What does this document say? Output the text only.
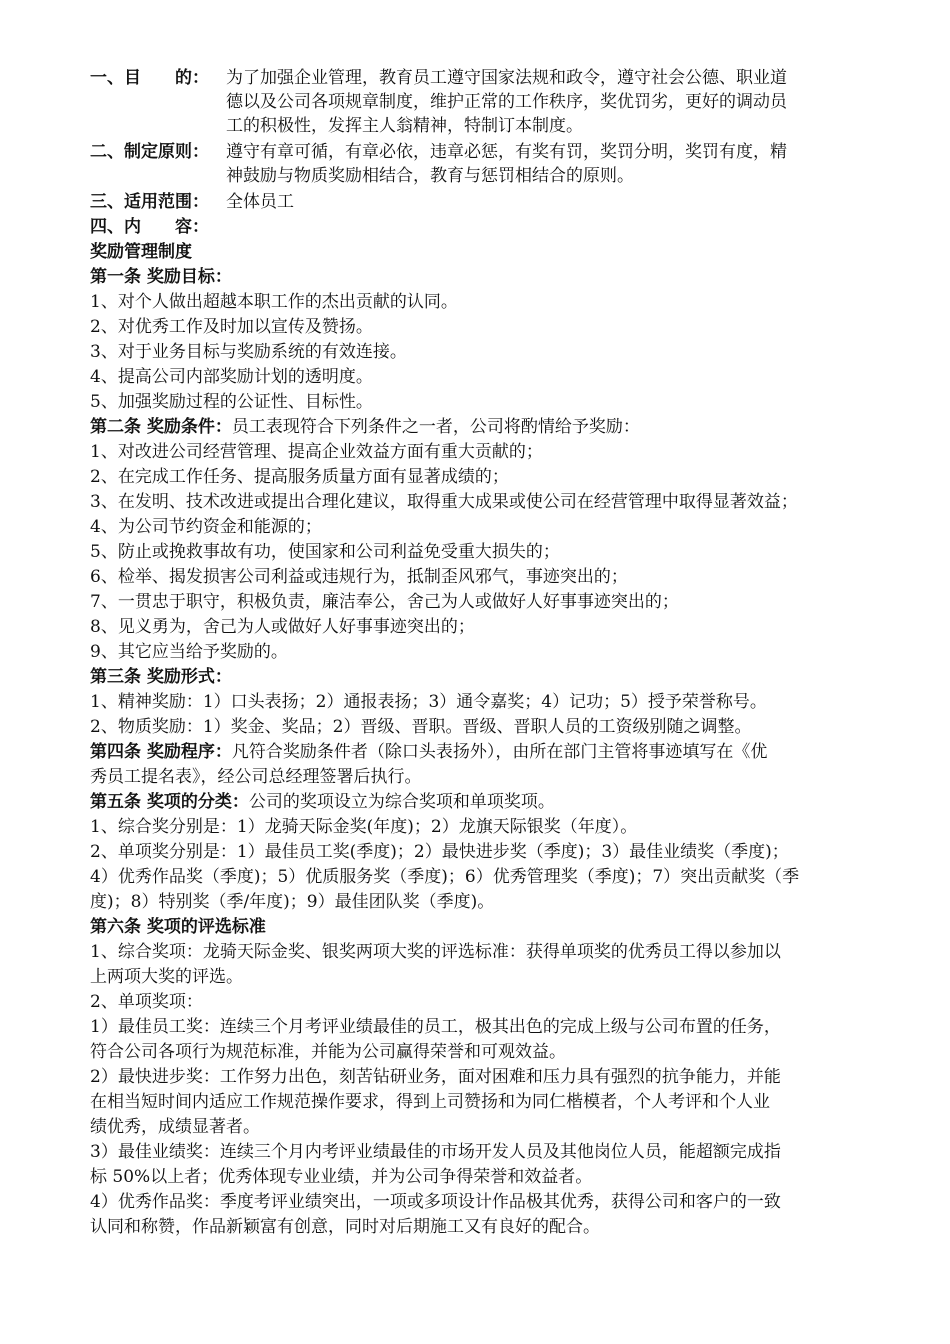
一、目　　的： 为了加强企业管理，教育员工遵守国家法规和政令，遵守社会公德、职业道
德以及公司各项规章制度，维护正常的工作秩序，奖优罚劣，更好的调动员
工的积极性，发挥主人翁精神，特制订本制度。
二、制定原则： 遵守有章可循，有章必依，违章必惩，有奖有罚，奖罚分明，奖罚有度，精
神鼓励与物质奖励相结合，教育与惩罚相结合的原则。
三、适用范围： 全体员工
四、内　　容：
奖励管理制度
第一条 奖励目标：
1、对个人做出超越本职工作的杰出贡献的认同。
2、对优秀工作及时加以宣传及赞扬。
3、对于业务目标与奖励系统的有效连接。
4、提高公司内部奖励计划的透明度。
5、加强奖励过程的公证性、目标性。
第二条 奖励条件：员工表现符合下列条件之一者，公司将酌情给予奖励：
1、对改进公司经营管理、提高企业效益方面有重大贡献的；
2、在完成工作任务、提高服务质量方面有显著成绩的；
3、在发明、技术改进或提出合理化建议，取得重大成果或使公司在经营管理中取得显著效益；
4、为公司节约资金和能源的；
5、防止或挽救事故有功，使国家和公司利益免受重大损失的；
6、检举、揭发损害公司利益或违规行为，抵制歪风邪气，事迹突出的；
7、一贯忠于职守，积极负责，廉洁奉公，舍己为人或做好人好事事迹突出的；
8、见义勇为，舍己为人或做好人好事事迹突出的；
9、其它应当给予奖励的。
第三条 奖励形式：
1、精神奖励：1）口头表扬；2）通报表扬；3）通令嘉奖；4）记功；5）授予荣誉称号。
2、物质奖励：1）奖金、奖品；2）晋级、晋职。晋级、晋职人员的工资级别随之调整。
第四条 奖励程序：凡符合奖励条件者（除口头表扬外），由所在部门主管将事迹填写在《优
秀员工提名表》，经公司总经理签署后执行。
第五条 奖项的分类：公司的奖项设立为综合奖项和单项奖项。
1、综合奖分别是：1）龙骑天际金奖(年度)；2）龙旗天际银奖（年度）。
2、单项奖分别是：1）最佳员工奖(季度)；2）最快进步奖（季度)；3）最佳业绩奖（季度)；
4）优秀作品奖（季度)；5）优质服务奖（季度)；6）优秀管理奖（季度)；7）突出贡献奖（季
度)；8）特别奖（季/年度)；9）最佳团队奖（季度)。
第六条 奖项的评选标准
1、综合奖项：龙骑天际金奖、银奖两项大奖的评选标准：获得单项奖的优秀员工得以参加以
上两项大奖的评选。
2、单项奖项：
1）最佳员工奖：连续三个月考评业绩最佳的员工，极其出色的完成上级与公司布置的任务，
符合公司各项行为规范标准，并能为公司赢得荣誉和可观效益。
2）最快进步奖：工作努力出色，刻苦钻研业务，面对困难和压力具有强烈的抗争能力，并能
在相当短时间内适应工作规范操作要求，得到上司赞扬和为同仁楷模者，个人考评和个人业
绩优秀，成绩显著者。
3）最佳业绩奖：连续三个月内考评业绩最佳的市场开发人员及其他岗位人员，能超额完成指
标 50%以上者；优秀体现专业业绩，并为公司争得荣誉和效益者。
4）优秀作品奖：季度考评业绩突出，一项或多项设计作品极其优秀，获得公司和客户的一致
认同和称赞，作品新颖富有创意，同时对后期施工又有良好的配合。
